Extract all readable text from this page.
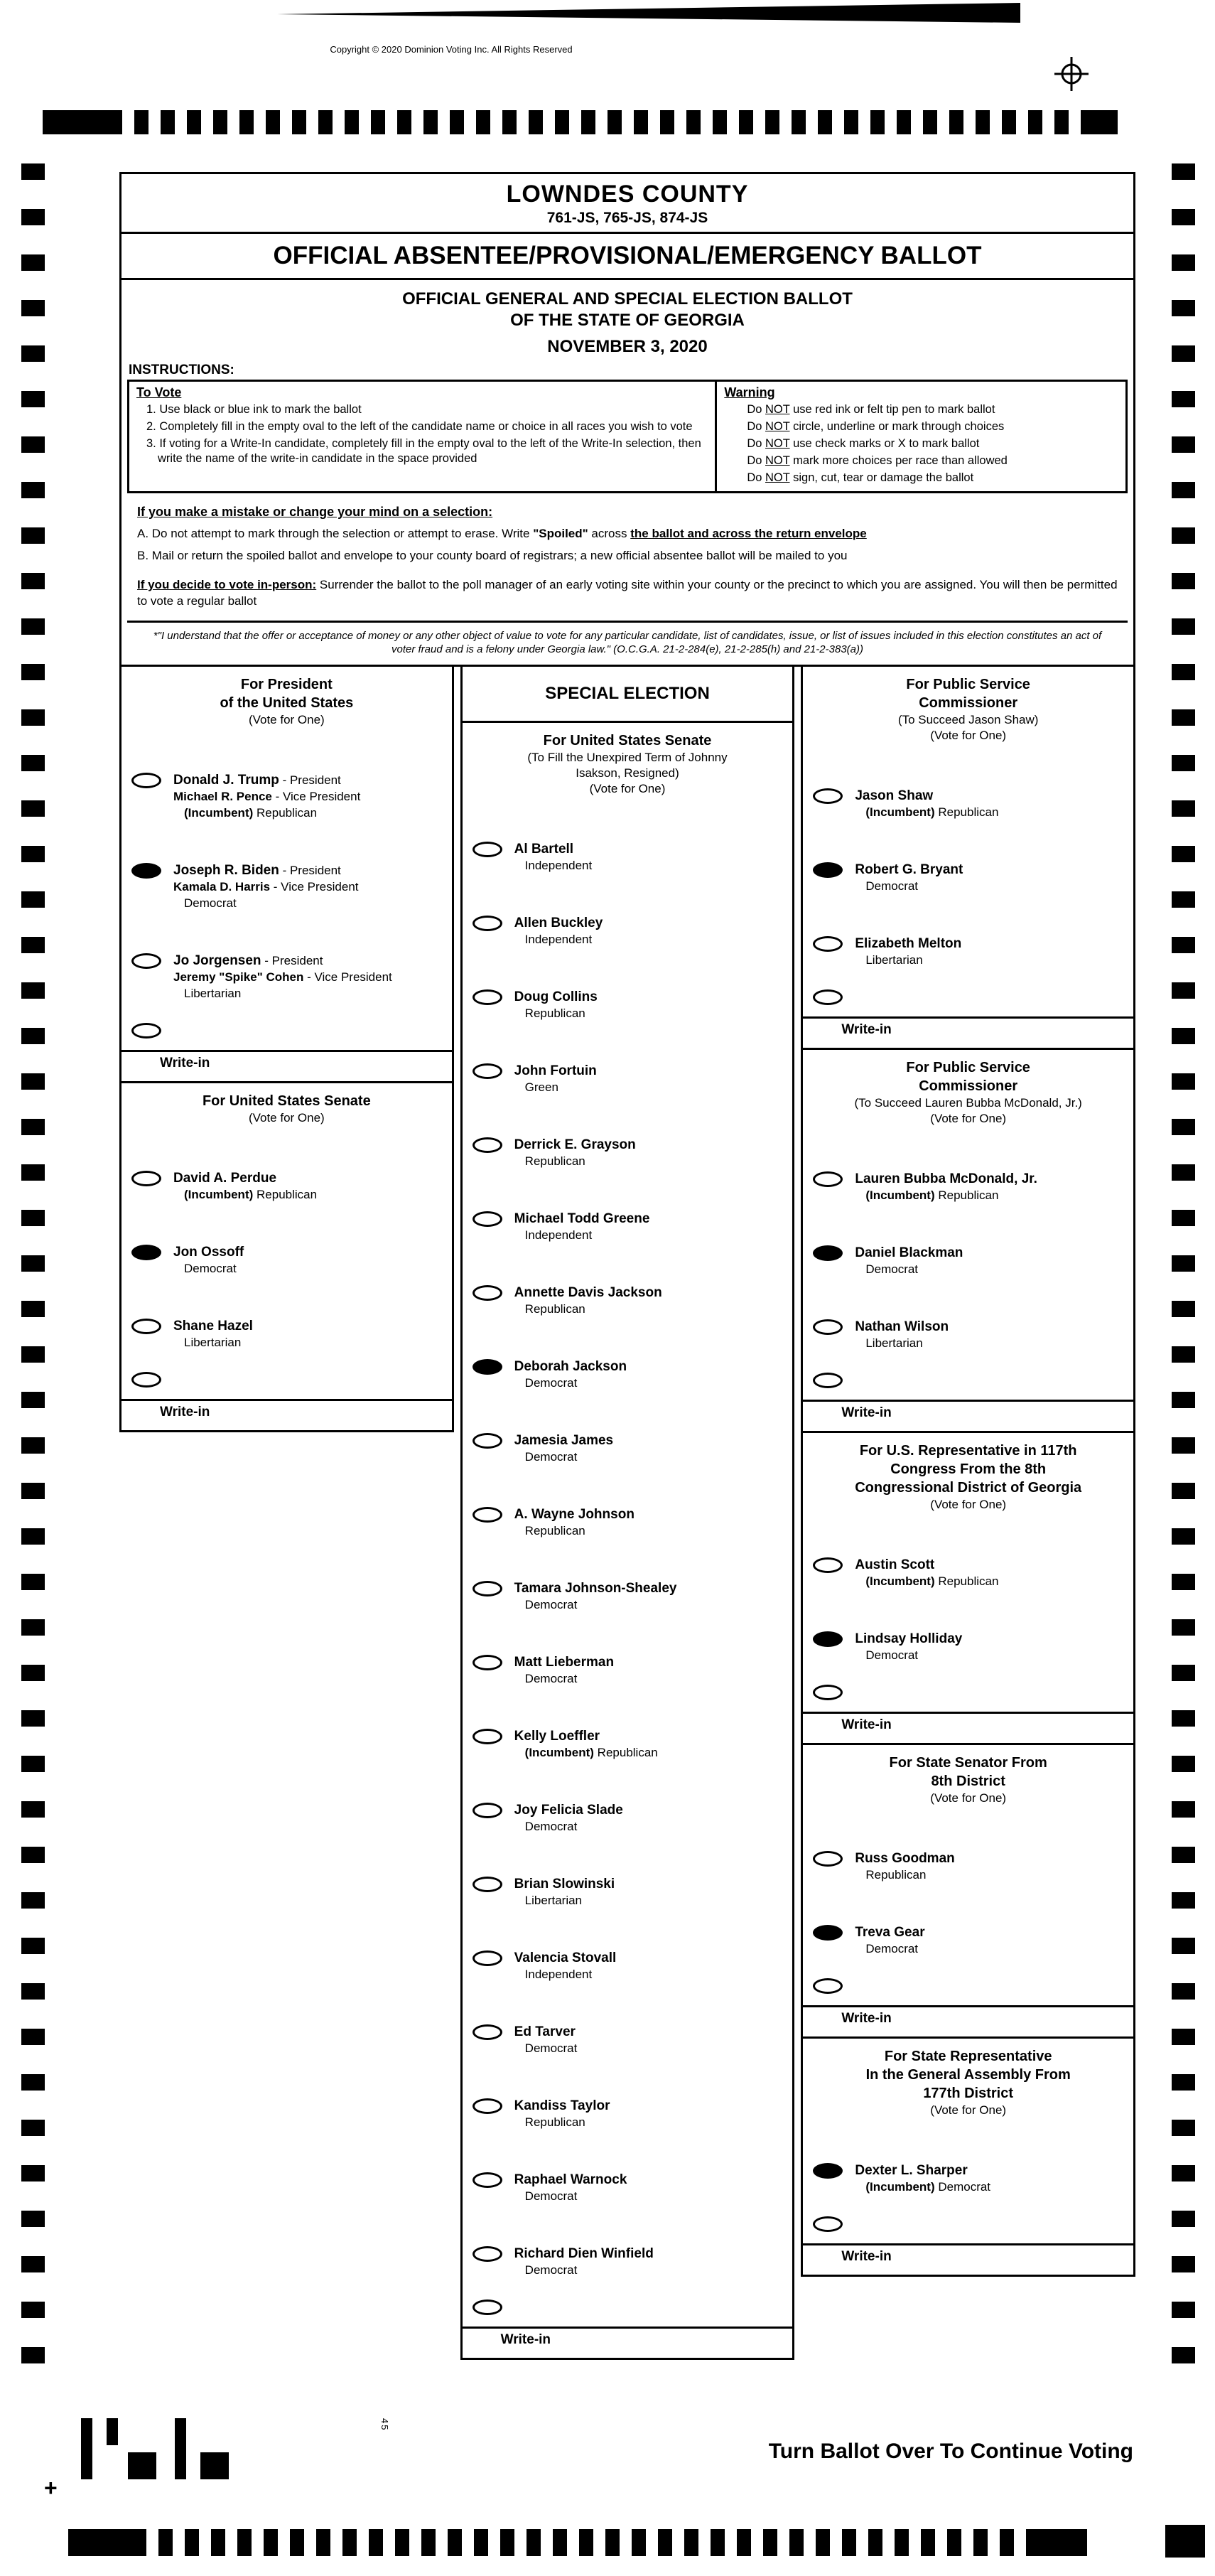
Copyright © 2020 Dominion Voting Inc. All Rights Reserved
LOWNDES COUNTY
761-JS, 765-JS, 874-JS
OFFICIAL ABSENTEE/PROVISIONAL/EMERGENCY BALLOT
OFFICIAL GENERAL AND SPECIAL ELECTION BALLOT
OF THE STATE OF GEORGIA
NOVEMBER 3, 2020
INSTRUCTIONS:
To Vote
1. Use black or blue ink to mark the ballot
2. Completely fill in the empty oval to the left of the candidate name or choice in all races you wish to vote
3. If voting for a Write-In candidate, completely fill in the empty oval to the left of the Write-In selection, then write the name of the write-in candidate in the space provided
Warning
Do NOT use red ink or felt tip pen to mark ballot
Do NOT circle, underline or mark through choices
Do NOT use check marks or X to mark ballot
Do NOT mark more choices per race than allowed
Do NOT sign, cut, tear or damage the ballot
If you make a mistake or change your mind on a selection:
A. Do not attempt to mark through the selection or attempt to erase. Write "Spoiled" across the ballot and across the return envelope
B. Mail or return the spoiled ballot and envelope to your county board of registrars; a new official absentee ballot will be mailed to you
If you decide to vote in-person: Surrender the ballot to the poll manager of an early voting site within your county or the precinct to which you are assigned. You will then be permitted to vote a regular ballot
*"I understand that the offer or acceptance of money or any other object of value to vote for any particular candidate, list of candidates, issue, or list of issues included in this election constitutes an act of voter fraud and is a felony under Georgia law." (O.C.G.A. 21-2-284(e), 21-2-285(h) and 21-2-383(a))
For President
of the United States
(Vote for One)
Donald J. Trump - President
Michael R. Pence - Vice President
(Incumbent) Republican
Joseph R. Biden - President
Kamala D. Harris - Vice President
Democrat
Jo Jorgensen - President
Jeremy "Spike" Cohen - Vice President
Libertarian
Write-in
For United States Senate
(Vote for One)
David A. Perdue
(Incumbent) Republican
Jon Ossoff
Democrat
Shane Hazel
Libertarian
Write-in
SPECIAL ELECTION
For United States Senate
(To Fill the Unexpired Term of Johnny
Isakson, Resigned)
(Vote for One)
Al Bartell
Independent
Allen Buckley
Independent
Doug Collins
Republican
John Fortuin
Green
Derrick E. Grayson
Republican
Michael Todd Greene
Independent
Annette Davis Jackson
Republican
Deborah Jackson
Democrat
Jamesia James
Democrat
A. Wayne Johnson
Republican
Tamara Johnson-Shealey
Democrat
Matt Lieberman
Democrat
Kelly Loeffler
(Incumbent) Republican
Joy Felicia Slade
Democrat
Brian Slowinski
Libertarian
Valencia Stovall
Independent
Ed Tarver
Democrat
Kandiss Taylor
Republican
Raphael Warnock
Democrat
Richard Dien Winfield
Democrat
Write-in
For Public Service
Commissioner
(To Succeed Jason Shaw)
(Vote for One)
Jason Shaw
(Incumbent) Republican
Robert G. Bryant
Democrat
Elizabeth Melton
Libertarian
Write-in
For Public Service
Commissioner
(To Succeed Lauren Bubba McDonald, Jr.)
(Vote for One)
Lauren Bubba McDonald, Jr.
(Incumbent) Republican
Daniel Blackman
Democrat
Nathan Wilson
Libertarian
Write-in
For U.S. Representative in 117th
Congress From the 8th
Congressional District of Georgia
(Vote for One)
Austin Scott
(Incumbent) Republican
Lindsay Holliday
Democrat
Write-in
For State Senator From
8th District
(Vote for One)
Russ Goodman
Republican
Treva Gear
Democrat
Write-in
For State Representative
In the General Assembly From
177th District
(Vote for One)
Dexter L. Sharper
(Incumbent) Democrat
Write-in
Turn Ballot Over To Continue Voting
+
45
